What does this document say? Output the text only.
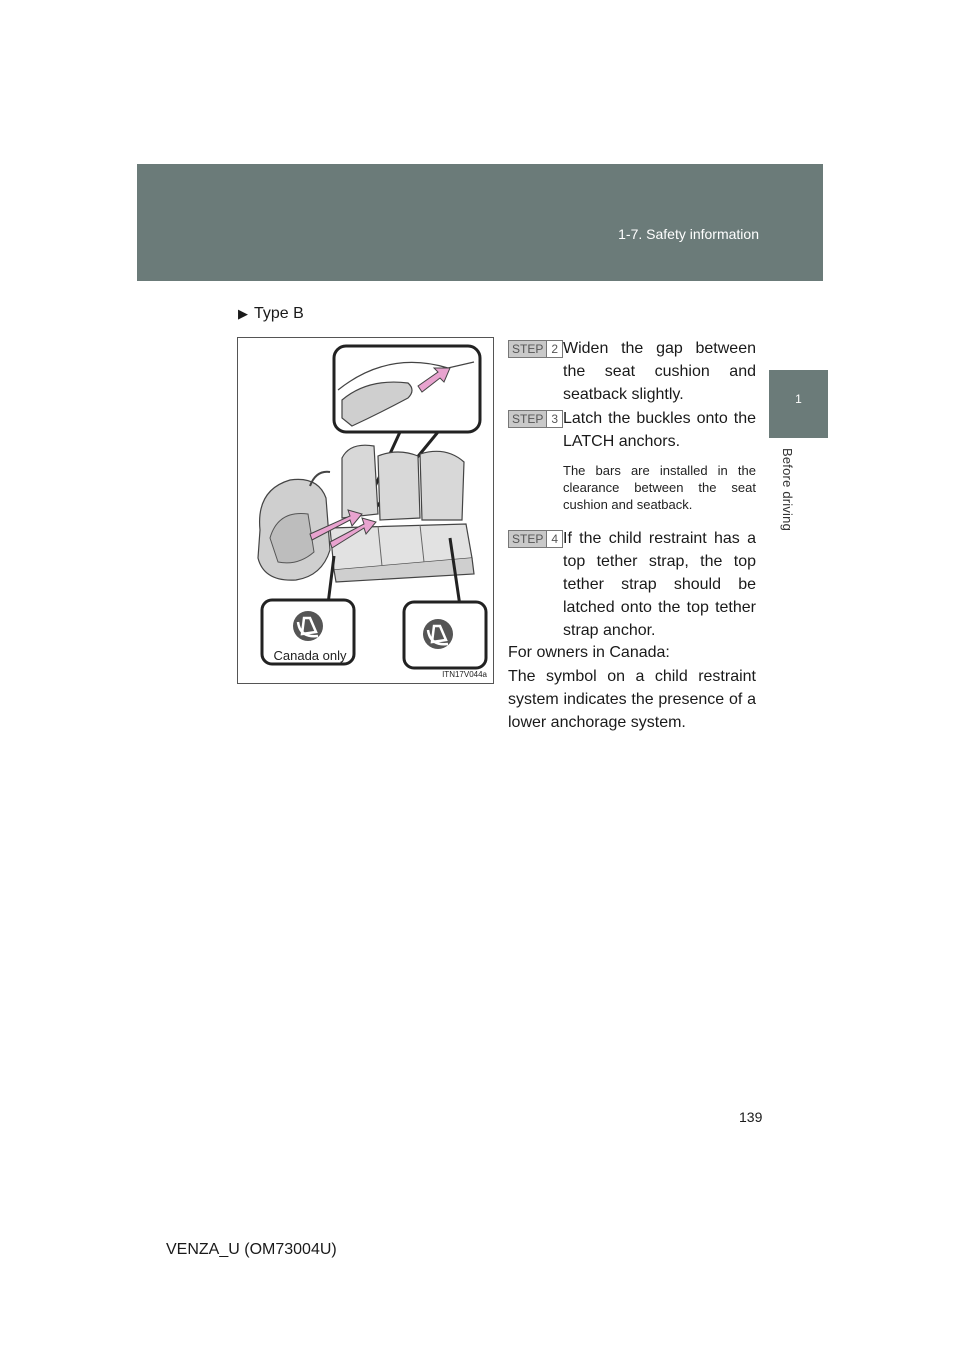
1-7. Safety information
1
Before driving
▶ Type B
Canada only
ITN17V044a
STEP 2 Widen the gap between the seat cushion and seatback slightly.
STEP 3 Latch the buckles onto the LATCH anchors.
The bars are installed in the clearance between the seat cushion and seatback.
STEP 4 If the child restraint has a top tether strap, the top tether strap should be latched onto the top tether strap anchor.
For owners in Canada:
The symbol on a child restraint system indicates the presence of a lower anchorage system.
139
VENZA_U (OM73004U)
